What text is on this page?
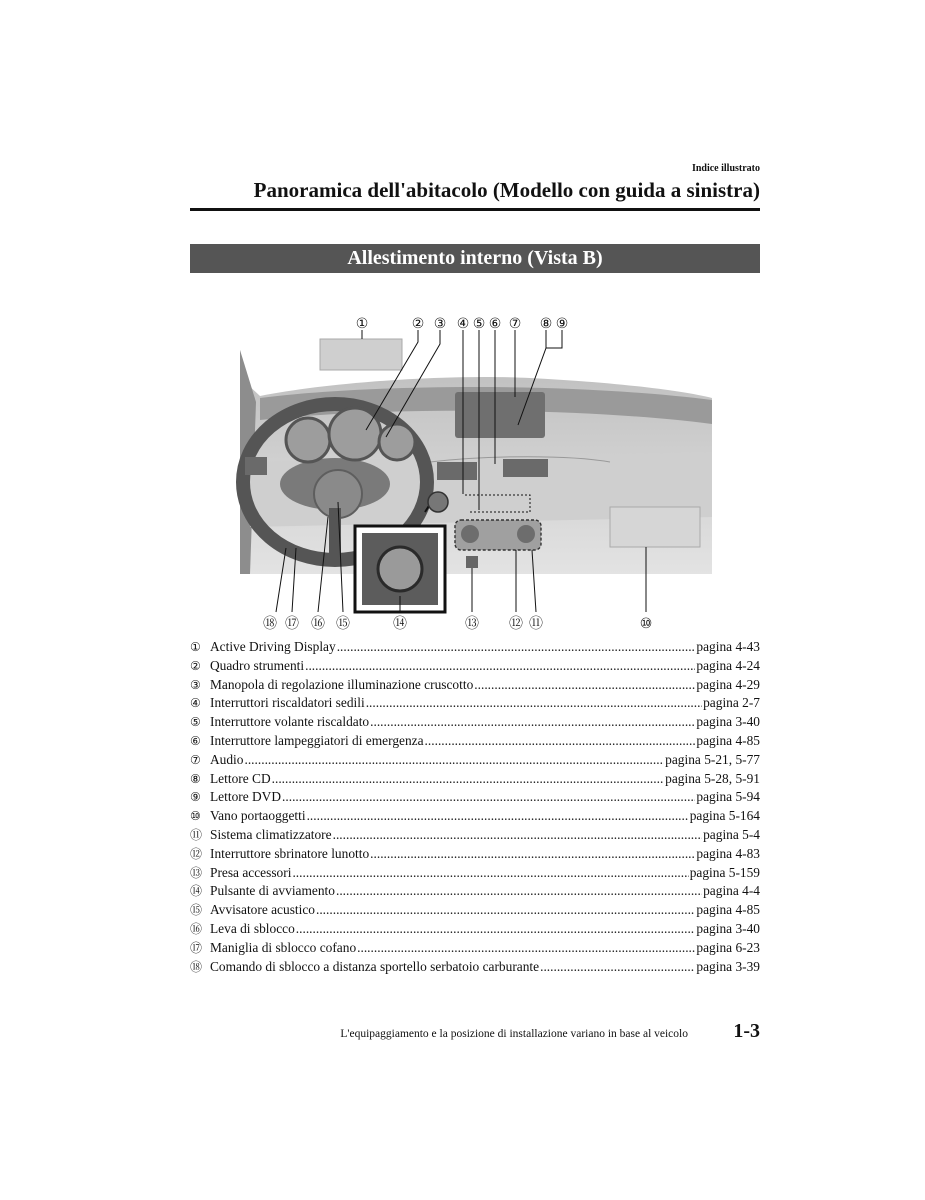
Indice illustrato
Panoramica dell'abitacolo (Modello con guida a sinistra)
Allestimento interno (Vista B)
①	② ③ ④ ⑤ ⑥ ⑦ ⑧ ⑨
⑱ ⑰ ⑯ ⑮	⑭	⑬ ⑫ ⑪	⑩
① Active Driving Display .....	pagina 4-43
② Quadro strumenti .....	pagina 4-24
③ Manopola di regolazione illuminazione cruscotto .....	pagina 4-29
④ Interruttori riscaldatori sedili .....	pagina 2-7
⑤ Interruttore volante riscaldato .....	pagina 3-40
⑥ Interruttore lampeggiatori di emergenza .....	pagina 4-85
⑦ Audio .....	pagina 5-21, 5-77
⑧ Lettore CD .....	pagina 5-28, 5-91
⑨ Lettore DVD .....	pagina 5-94
⑩ Vano portaoggetti .....	pagina 5-164
⑪ Sistema climatizzatore .....	pagina 5-4
⑫ Interruttore sbrinatore lunotto .....	pagina 4-83
⑬ Presa accessori .....	pagina 5-159
⑭ Pulsante di avviamento .....	pagina 4-4
⑮ Avvisatore acustico .....	pagina 4-85
⑯ Leva di sblocco .....	pagina 3-40
⑰ Maniglia di sblocco cofano .....	pagina 6-23
⑱ Comando di sblocco a distanza sportello serbatoio carburante .....	pagina 3-39
L'equipaggiamento e la posizione di installazione variano in base al veicolo 1-3
